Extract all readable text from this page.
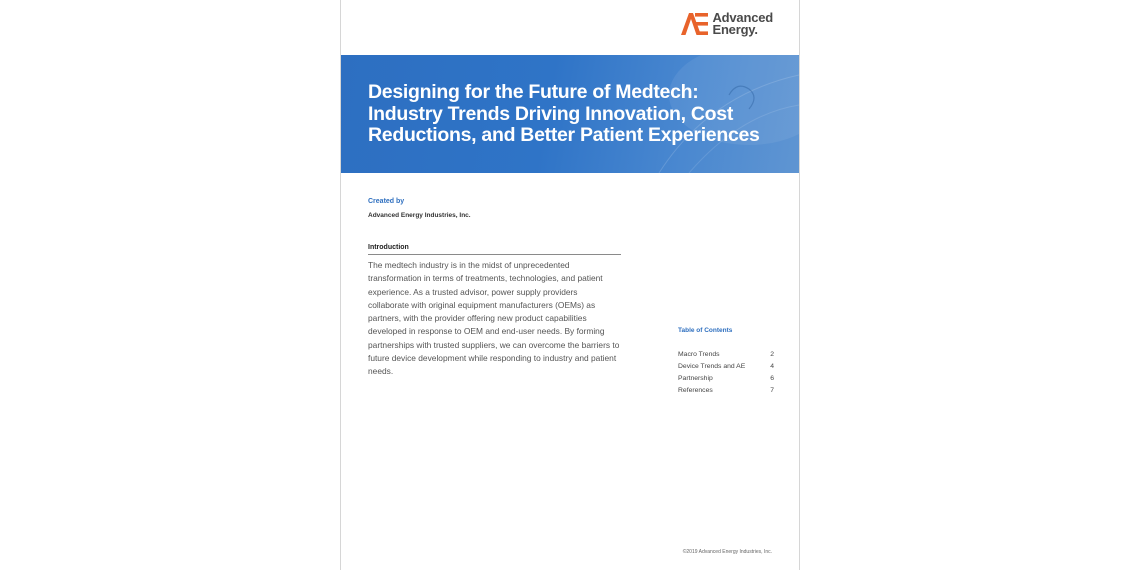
Advanced
Energy.
Designing for the Future of Medtech: Industry Trends Driving Innovation, Cost Reductions, and Better Patient Experiences
Created by
Advanced Energy Industries, Inc.
Introduction

The medtech industry is in the midst of unprecedented transformation in terms of treatments, technologies, and patient experience. As a trusted advisor, power supply providers collaborate with original equipment manufacturers (OEMs) as partners, with the provider offering new product capabilities developed in response to OEM and end-user needs. By forming partnerships with trusted suppliers, we can overcome the barriers to future device development while responding to industry and patient needs.

Table of Contents
Macro Trends	2
Device Trends and AE	4
Partnership	6
References	7
©2019 Advanced Energy Industries, Inc.
